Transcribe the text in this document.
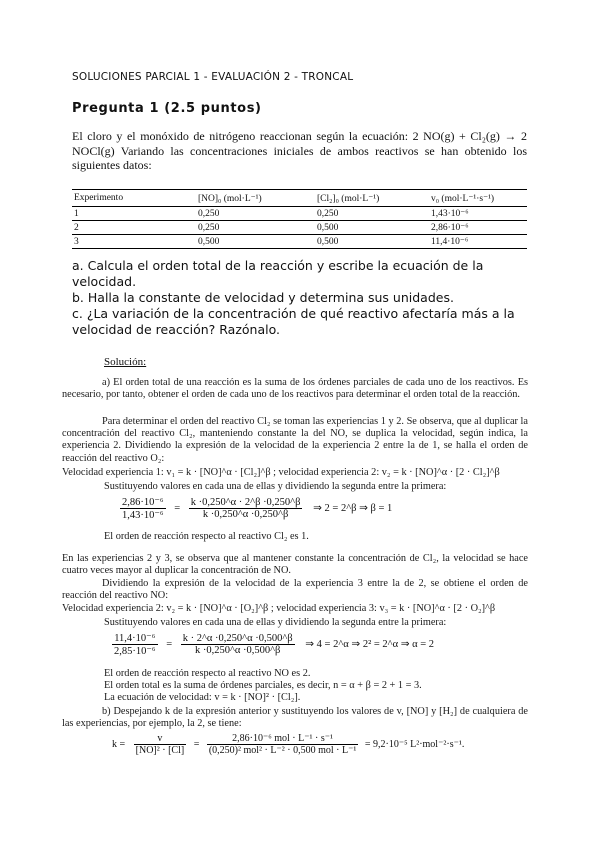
SOLUCIONES PARCIAL 1 - EVALUACIÓN 2 - TRONCAL
Pregunta 1 (2.5 puntos)
El cloro y el monóxido de nitrógeno reaccionan según la ecuación: 2 NO(g) + Cl₂(g) → 2 NOCl(g) Variando las concentraciones iniciales de ambos reactivos se han obtenido los siguientes datos:
Experimento	[NO]₀ (mol·L⁻¹)	[Cl₂]₀ (mol·L⁻¹)	v₀ (mol·L⁻¹·s⁻¹)
1	0,250	0,250	1,43·10⁻⁶
2	0,250	0,500	2,86·10⁻⁶
3	0,500	0,500	11,4·10⁻⁶

a. Calcula el orden total de la reacción y escribe la ecuación de la velocidad.

b. Halla la constante de velocidad y determina sus unidades.

c. ¿La variación de la concentración de qué reactivo afectaría más a la velocidad de reacción? Razónalo.

Solución:
a) El orden total de una reacción es la suma de los órdenes parciales de cada uno de los reactivos. Es necesario, por tanto, obtener el orden de cada uno de los reactivos para determinar el orden total de la reacción.
Para determinar el orden del reactivo Cl₂ se toman las experiencias 1 y 2. Se observa, que al duplicar la concentración del reactivo Cl₂, manteniendo constante la del NO, se duplica la velocidad, según indica, la experiencia 2. Dividiendo la expresión de la velocidad de la experiencia 2 entre la de 1, se halla el orden de reacción del reactivo O₂:
Velocidad experiencia 1: v₁ = k · [NO]^α · [Cl₂]^β ; velocidad experiencia 2: v₂ = k · [NO]^α · [2 · Cl₂]^β
Sustituyendo valores en cada una de ellas y dividiendo la segunda entre la primera:
$\frac{\text{2,86·10⁻⁶}}{\text{1,43·10⁻⁶}} = \frac{k \cdot 0,250\^{}\alpha \cdot 2\^{}\beta \cdot 0,250\^{}\beta}{k \cdot 0,250\^{}\alpha \cdot 0,250\^{}\beta}$ ⇒ 2 = 2^β ⇒ β = 1
El orden de reacción respecto al reactivo Cl₂ es 1.
En las experiencias 2 y 3, se observa que al mantener constante la concentración de Cl₂, la velocidad se hace cuatro veces mayor al duplicar la concentración de NO.
Dividiendo la expresión de la velocidad de la experiencia 3 entre la de 2, se obtiene el orden de reacción del reactivo NO:
Velocidad experiencia 2: v₂ = k · [NO]^α · [O₂]^β ; velocidad experiencia 3: v₃ = k · [NO]^α · [2 · O₂]^β
Sustituyendo valores en cada una de ellas y dividiendo la segunda entre la primera:
$\frac{\text{11,4·10⁻⁶}}{\text{2,85·10⁻⁶}} = \frac{k \cdot 2\^{}\alpha \cdot 0,250\^{}\alpha \cdot 0,500\^{}\beta}{k \cdot 0,250\^{}\alpha \cdot 0,500\^{}\beta}$ ⇒ 4 = 2^α ⇒ 2² = 2^α ⇒ α = 2
El orden de reacción respecto al reactivo NO es 2.
El orden total es la suma de órdenes parciales, es decir, n = α + β = 2 + 1 = 3.
La ecuación de velocidad: v = k · [NO]² · [Cl₂].
b) Despejando k de la expresión anterior y sustituyendo los valores de v, [NO] y [H₂] de cualquiera de las experiencias, por ejemplo, la 2, se tiene:
$k = \frac{v}{\text{[NO]² · [Cl]}} = \frac{\text{2,86·10⁻⁶ mol · L⁻¹ · s⁻¹}}{\text{(0,250)² mol² · L⁻² · 0,500 mol · L⁻¹}} = 9,2\cdot 10^{-5}$ L²·mol⁻²·s⁻¹.
